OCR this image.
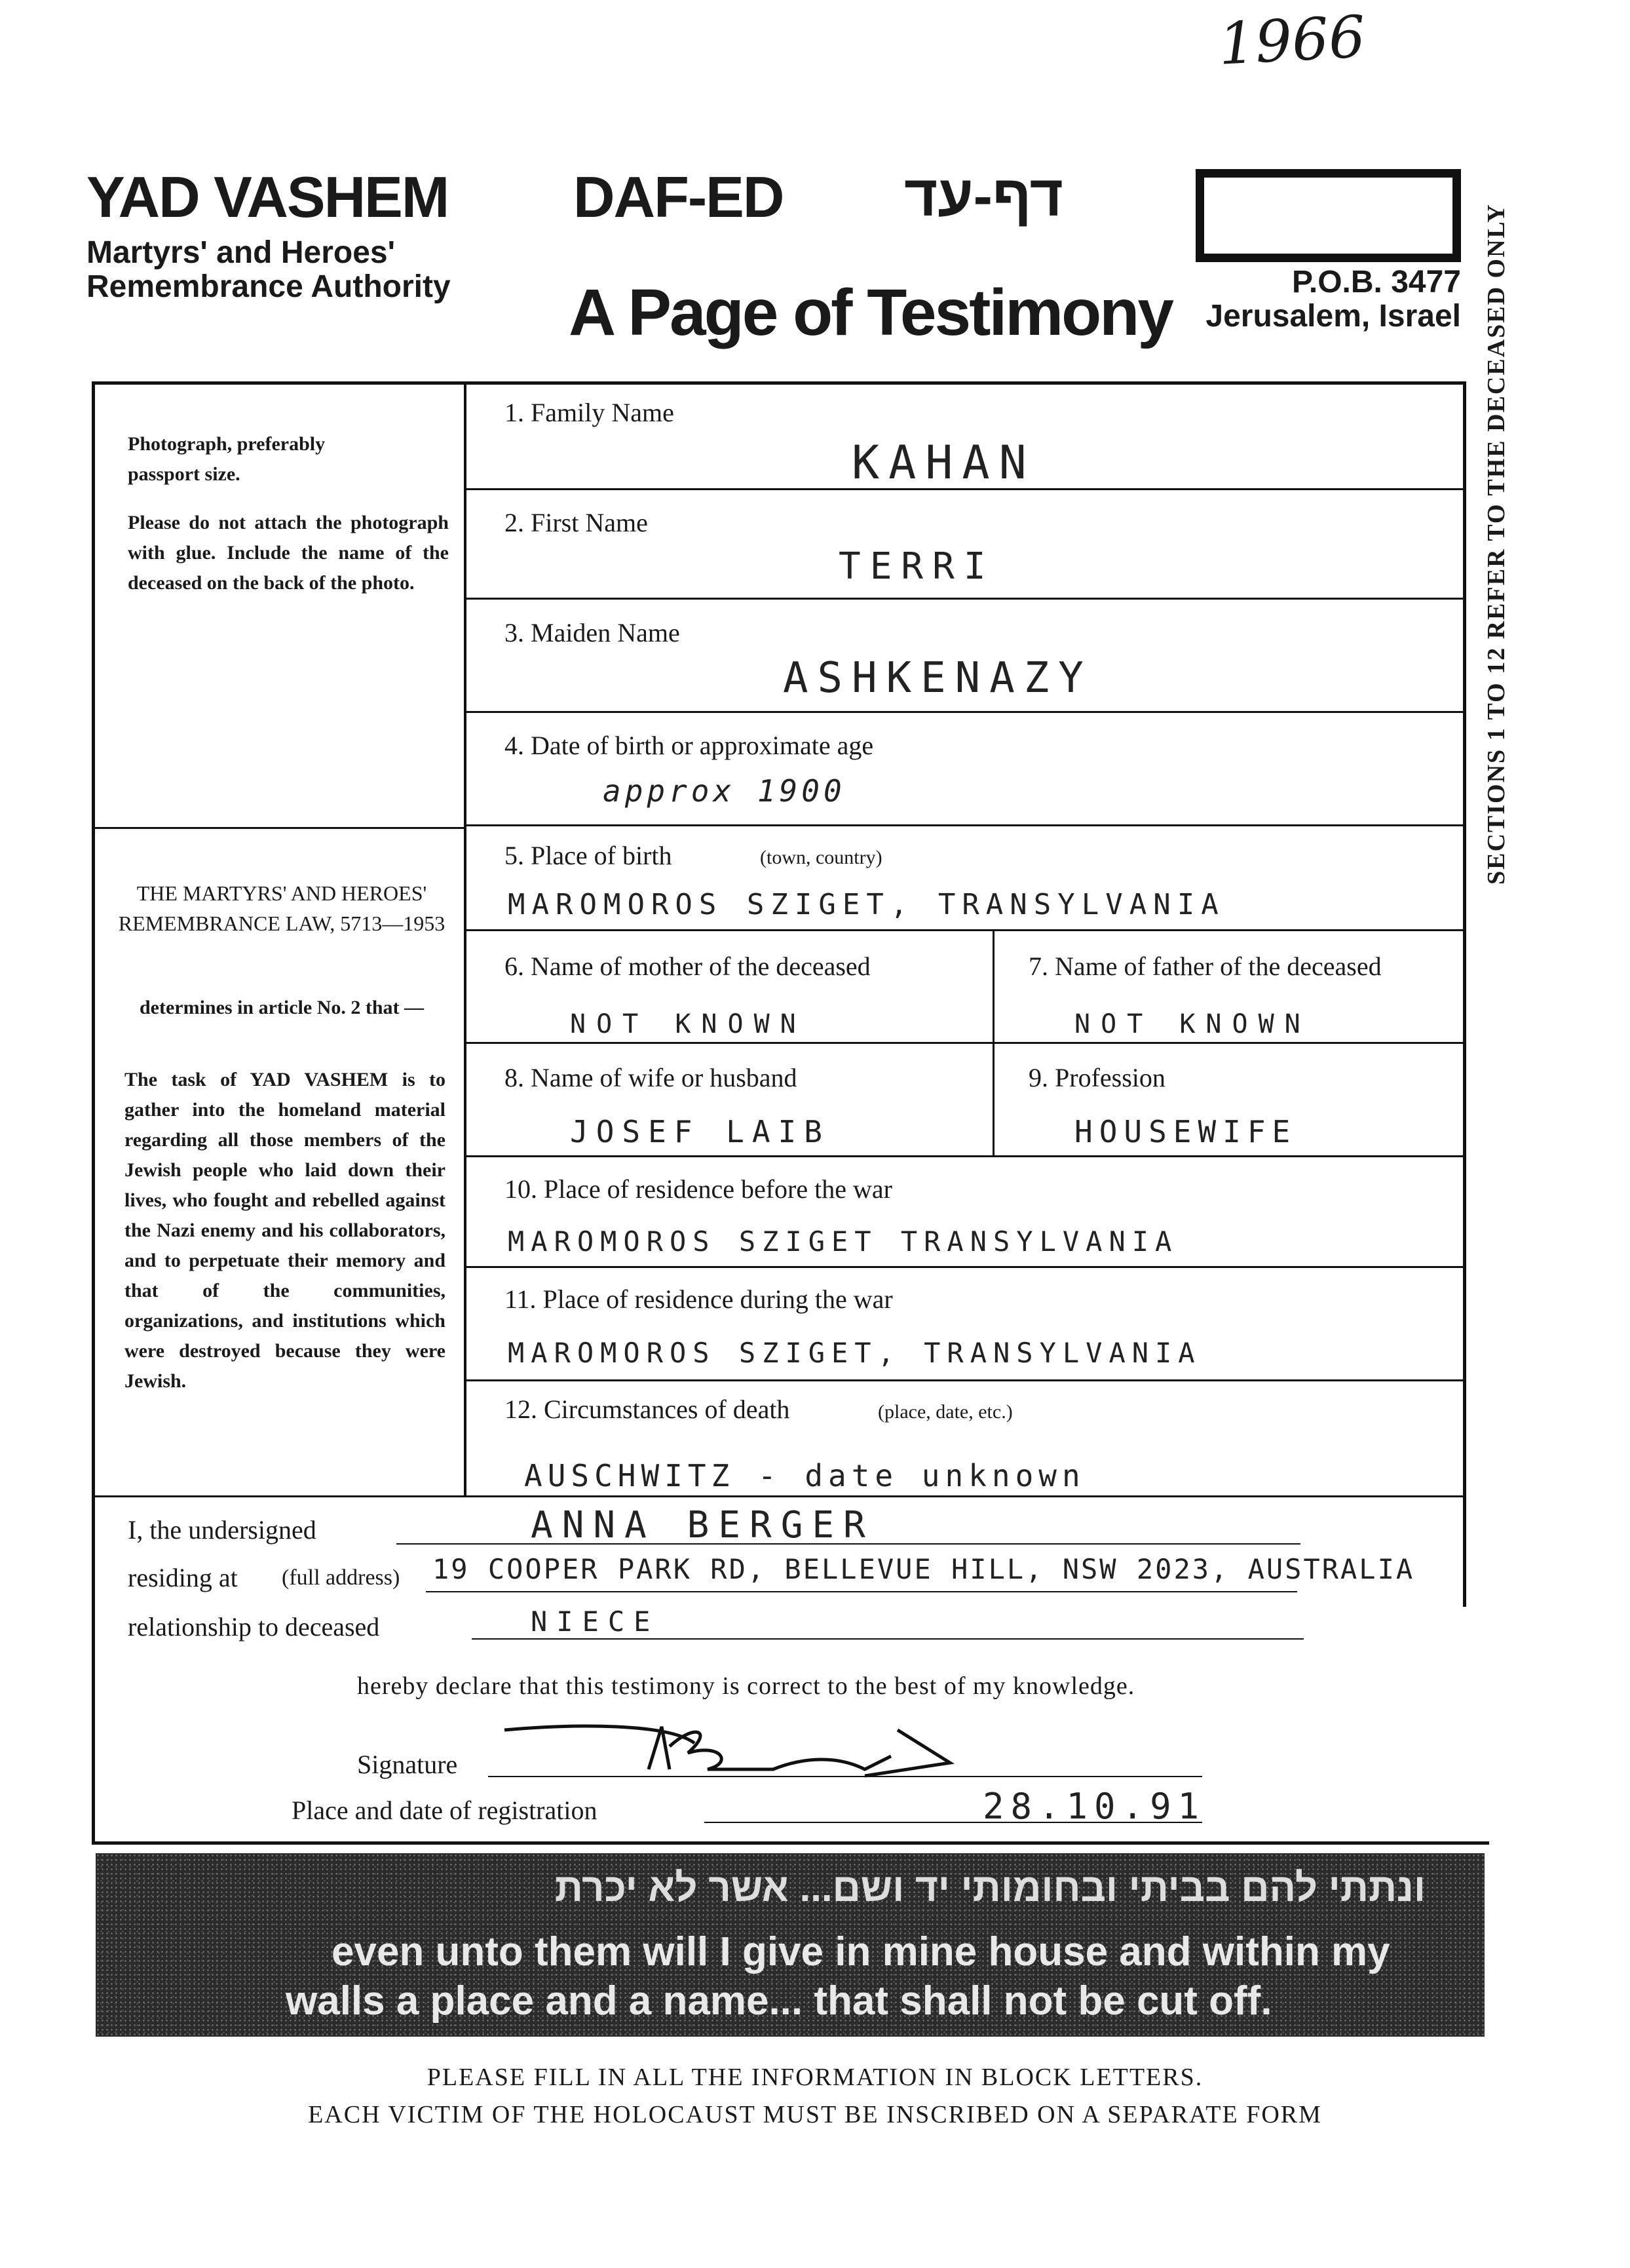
1966
YAD VASHEM
Martyrs' and Heroes' Remembrance Authority
DAF-ED דף-עד
A Page of Testimony
יד ושם
P.O.B. 3477
Jerusalem, Israel
Photograph, preferably passport size.
Please do not attach the photograph with glue. Include the name of the deceased on the back of the photo.
THE MARTYRS' AND HEROES' REMEMBRANCE LAW, 5713—1953
determines in article No. 2 that —
The task of YAD VASHEM is to gather into the homeland material regarding all those members of the Jewish people who laid down their lives, who fought and rebelled against the Nazi enemy and his collaborators, and to perpetuate their memory and that of the communities, organizations, and institutions which were destroyed because they were Jewish.
1. Family Name
KAHAN
2. First Name
TERRI
3. Maiden Name
ASHKENAZY
4. Date of birth or approximate age
approx 1900
5. Place of birth	(town, country)
MAROMOROS SZIGET, TRANSYLVANIA
6. Name of mother of the deceased
NOT KNOWN
7. Name of father of the deceased
NOT KNOWN
8. Name of wife or husband
JOSEF LAIB
9. Profession
HOUSEWIFE
10. Place of residence before the war
MAROMOROS SZIGET TRANSYLVANIA
11. Place of residence during the war
MAROMOROS SZIGET, TRANSYLVANIA
12. Circumstances of death	(place, date, etc.)
AUSCHWITZ - date unknown
SECTIONS 1 TO 12 REFER TO THE DECEASED ONLY
I, the undersigned	ANNA BERGER
residing at (full address) 19 COOPER PARK RD, BELLEVUE HILL, NSW 2023, AUSTRALIA
relationship to deceased	NIECE
hereby declare that this testimony is correct to the best of my knowledge.
Signature
Place and date of registration	28.10.91
ונתתי להם בביתי ובחומותי יד ושם... אשר לא יכרת
even unto them will I give in mine house and within my
walls a place and a name... that shall not be cut off.
PLEASE FILL IN ALL THE INFORMATION IN BLOCK LETTERS.
EACH VICTIM OF THE HOLOCAUST MUST BE INSCRIBED ON A SEPARATE FORM
